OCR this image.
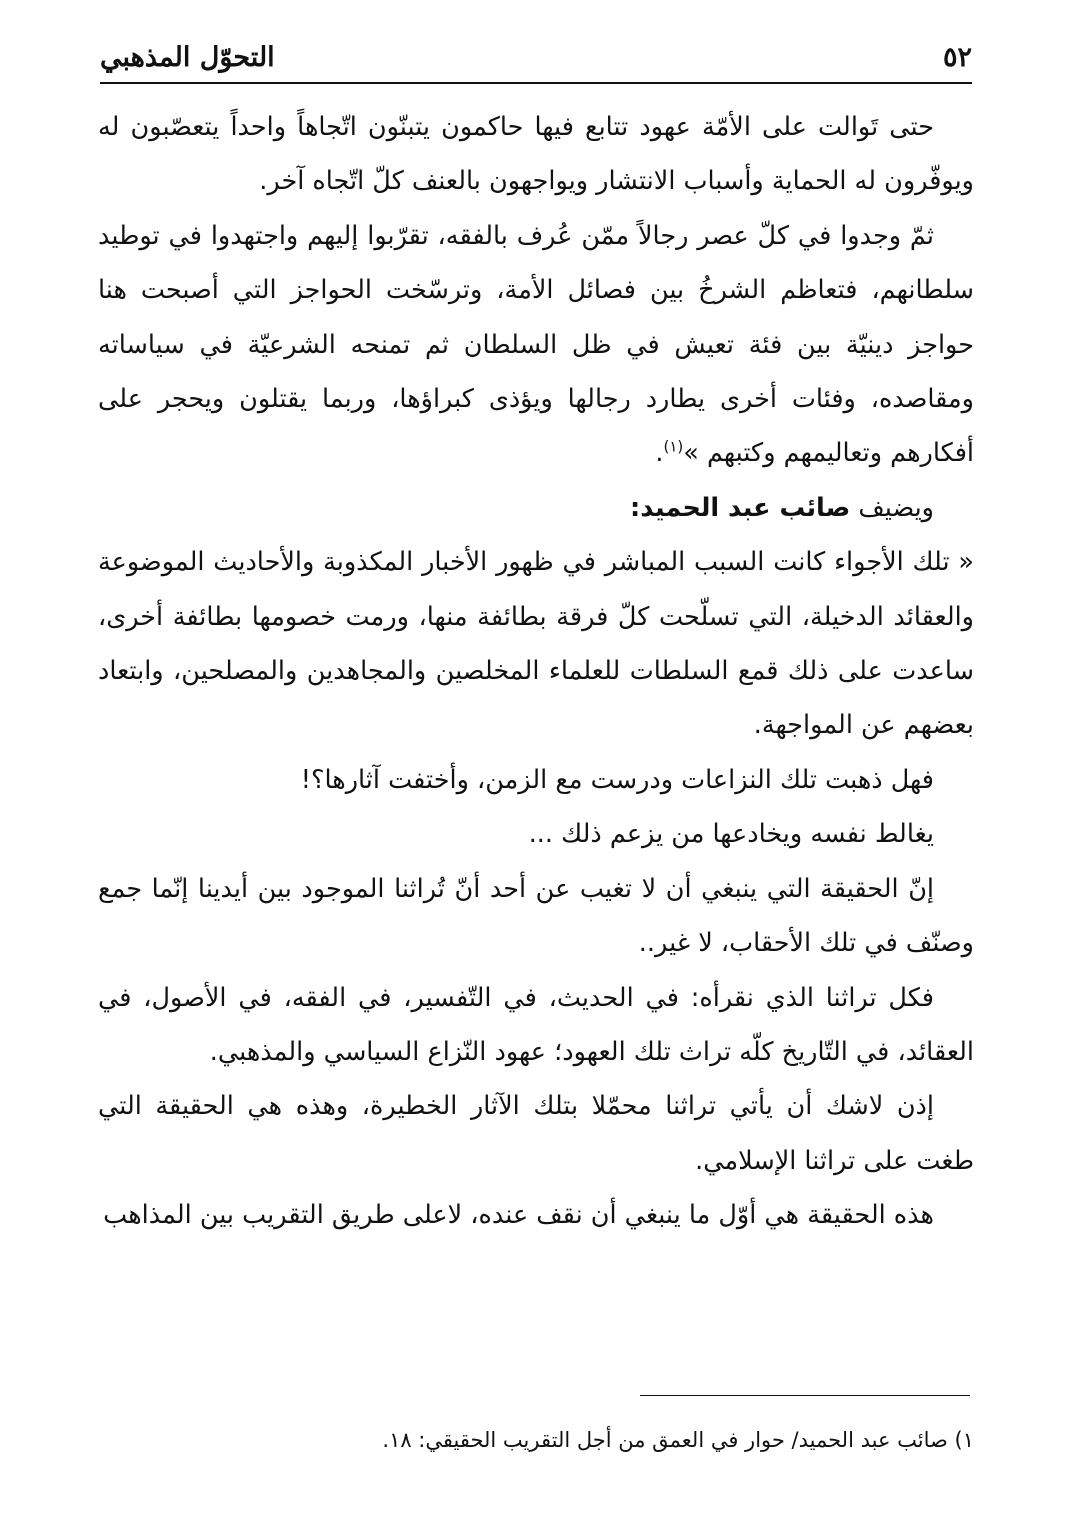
التحوّل المذهبي	٥٢

حتى تَوالت على الأمّة عهود تتابع فيها حاكمون يتبنّون اتّجاهاً واحداً يتعصّبون له ويوفّرون له الحماية وأسباب الانتشار ويواجهون بالعنف كلّ اتّجاه آخر.

ثمّ وجدوا في كلّ عصر رجالاً ممّن عُرف بالفقه، تقرّبوا إليهم واجتهدوا في توطيد سلطانهم، فتعاظم الشرخُ بين فصائل الأمة، وترسّخت الحواجز التي أصبحت هنا حواجز دينيّة بين فئة تعيش في ظل السلطان ثم تمنحه الشرعيّة في سياساته ومقاصده، وفئات أخرى يطارد رجالها ويؤذى كبراؤها، وربما يقتلون ويحجر على أفكارهم وتعاليمهم وكتبهم »$^{(١)}$.

ويضيف صائب عبد الحميد:

« تلك الأجواء كانت السبب المباشر في ظهور الأخبار المكذوبة والأحاديث الموضوعة والعقائد الدخيلة، التي تسلّحت كلّ فرقة بطائفة منها، ورمت خصومها بطائفة أخرى، ساعدت على ذلك قمع السلطات للعلماء المخلصين والمجاهدين والمصلحين، وابتعاد بعضهم عن المواجهة.

فهل ذهبت تلك النزاعات ودرست مع الزمن، وأختفت آثارها؟!

يغالط نفسه ويخادعها من يزعم ذلك ...

إنّ الحقيقة التي ينبغي أن لا تغيب عن أحد أنّ تُراثنا الموجود بين أيدينا إنّما جمع وصنّف في تلك الأحقاب، لا غير..

فكل تراثنا الذي نقرأه: في الحديث، في التّفسير، في الفقه، في الأصول، في العقائد، في التّاريخ كلّه تراث تلك العهود؛ عهود النّزاع السياسي والمذهبي.

إذن لاشك أن يأتي تراثنا محمّلا بتلك الآثار الخطيرة، وهذه هي الحقيقة التي طغت على تراثنا الإسلامي.

هذه الحقيقة هي أوّل ما ينبغي أن نقف عنده، لاعلى طريق التقريب بين المذاهب

١) صائب عبد الحميد/ حوار في العمق من أجل التقريب الحقيقي: ١٨.
